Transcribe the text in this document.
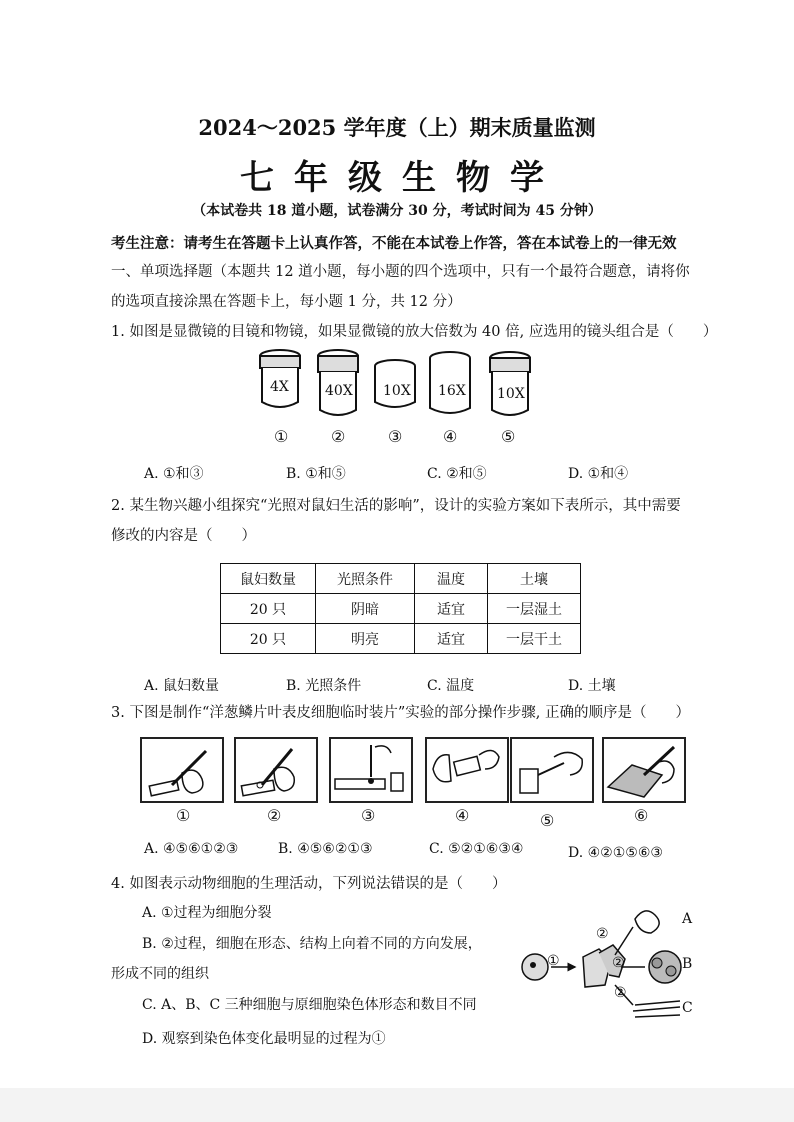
2024～2025 学年度（上）期末质量监测
七年级生物学
（本试卷共 18 道小题，试卷满分 30 分，考试时间为 45 分钟）
考生注意：请考生在答题卡上认真作答，不能在本试卷上作答，答在本试卷上的一律无效
一、单项选择题（本题共 12 道小题，每小题的四个选项中，只有一个最符合题意，请将你
的选项直接涂黑在答题卡上，每小题 1 分，共 12 分）
1. 如图是显微镜的目镜和物镜，如果显微镜的放大倍数为 40 倍, 应选用的镜头组合是（　　）
4X	40X 10X 16X 10X
①	②	③	④	⑤
A. ①和③	B. ①和⑤	C. ②和⑤	D. ①和④
2. 某生物兴趣小组探究“光照对鼠妇生活的影响”，设计的实验方案如下表所示，其中需要
修改的内容是（　　）
鼠妇数量	光照条件	温度	土壤
20 只	阴暗	适宜	一层湿土
20 只	明亮	适宜	一层干土
A. 鼠妇数量	B. 光照条件	C. 温度	D. 土壤
3. 下图是制作“洋葱鳞片叶表皮细胞临时装片”实验的部分操作步骤, 正确的顺序是（　　）
①	②	③	④	⑤	⑥
A. ④⑤⑥①②③	B. ④⑤⑥②①③	C. ⑤②①⑥③④	D. ④②①⑤⑥③
4. 如图表示动物细胞的生理活动，下列说法错误的是（　　）
A. ①过程为细胞分裂
B. ②过程，细胞在形态、结构上向着不同的方向发展，
形成不同的组织
C. A、B、C 三种细胞与原细胞染色体形态和数目不同
D. 观察到染色体变化最明显的过程为①
①
②
②
②
A
B
C
